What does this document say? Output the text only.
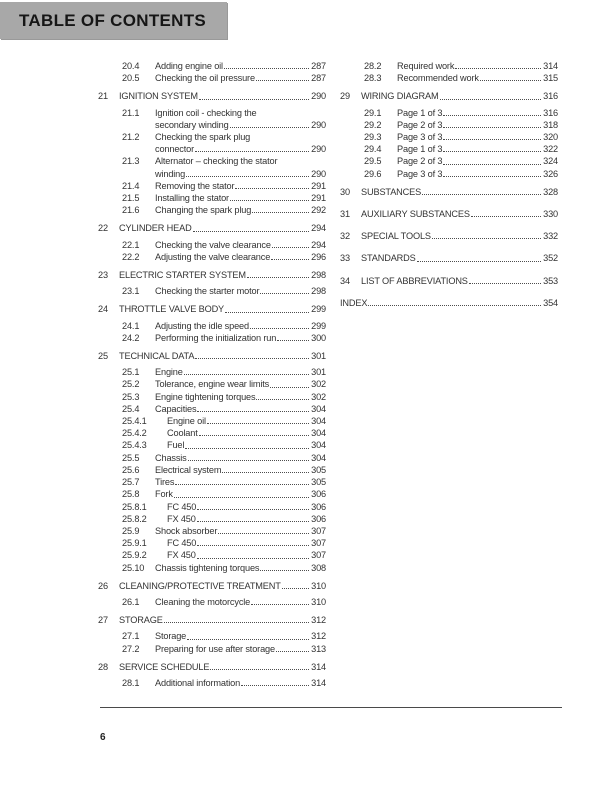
TABLE OF CONTENTS
20.4	Adding engine oil	287
20.5	Checking the oil pressure	287
21	IGNITION SYSTEM	290
21.1	Ignition coil - checking the
secondary winding	290
21.2	Checking the spark plug
connector	290
21.3	Alternator – checking the stator
winding	290
21.4	Removing the stator	291
21.5	Installing the stator	291
21.6	Changing the spark plug	292
22	CYLINDER HEAD	294
22.1	Checking the valve clearance	294
22.2	Adjusting the valve clearance	296
23	ELECTRIC STARTER SYSTEM	298
23.1	Checking the starter motor	298
24	THROTTLE VALVE BODY	299
24.1	Adjusting the idle speed	299
24.2	Performing the initialization run	300
25	TECHNICAL DATA	301
25.1	Engine	301
25.2	Tolerance, engine wear limits	302
25.3	Engine tightening torques	302
25.4	Capacities	304
25.4.1	Engine oil	304
25.4.2	Coolant	304
25.4.3	Fuel	304
25.5	Chassis	304
25.6	Electrical system	305
25.7	Tires	305
25.8	Fork	306
25.8.1	FC 450	306
25.8.2	FX 450	306
25.9	Shock absorber	307
25.9.1	FC 450	307
25.9.2	FX 450	307
25.10	Chassis tightening torques	308
26	CLEANING/PROTECTIVE TREATMENT	310
26.1	Cleaning the motorcycle	310
27	STORAGE	312
27.1	Storage	312
27.2	Preparing for use after storage	313
28	SERVICE SCHEDULE	314
28.1	Additional information	314
28.2	Required work	314
28.3	Recommended work	315
29	WIRING DIAGRAM	316
29.1	Page 1 of 3	316
29.2	Page 2 of 3	318
29.3	Page 3 of 3	320
29.4	Page 1 of 3	322
29.5	Page 2 of 3	324
29.6	Page 3 of 3	326
30	SUBSTANCES	328
31	AUXILIARY SUBSTANCES	330
32	SPECIAL TOOLS	332
33	STANDARDS	352
34	LIST OF ABBREVIATIONS	353
INDEX	354
6
